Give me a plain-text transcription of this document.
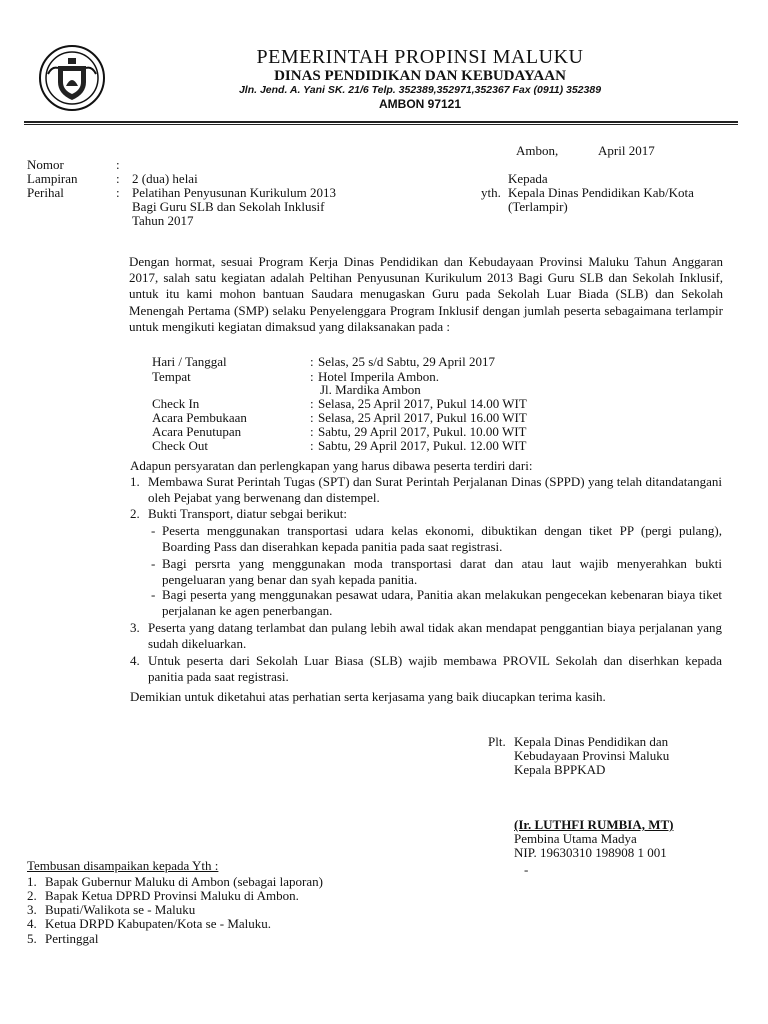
PEMERINTAH PROPINSI MALUKU
DINAS PENDIDIKAN DAN KEBUDAYAAN
Jln. Jend. A. Yani SK. 21/6 Telp. 352389,352971,352367 Fax (0911) 352389
AMBON 97121
Ambon,	April 2017
Nomor	:
Lampiran	: 2 (dua) helai
Perihal	: Pelatihan Penyusunan Kurikulum 2013
Bagi Guru SLB dan Sekolah Inklusif
Tahun 2017
Kepada
yth. Kepala Dinas Pendidikan Kab/Kota
(Terlampir)
Dengan hormat, sesuai Program Kerja Dinas Pendidikan dan Kebudayaan Provinsi Maluku Tahun Anggaran 2017, salah satu kegiatan adalah Peltihan Penyusunan Kurikulum 2013 Bagi Guru SLB dan Sekolah Inklusif, untuk itu kami mohon bantuan Saudara menugaskan Guru pada Sekolah Luar Biada (SLB) dan Sekolah Menengah Pertama (SMP) selaku Penyelenggara Program Inklusif dengan jumlah peserta sebagaimana terlampir untuk mengikuti kegiatan dimaksud yang dilaksanakan pada :
Hari / Tanggal	: Selas, 25 s/d Sabtu, 29 April 2017
Tempat	: Hotel Imperila Ambon.
Jl. Mardika Ambon
Check In	: Selasa, 25 April 2017, Pukul 14.00 WIT
Acara Pembukaan	: Selasa, 25 April 2017, Pukul 16.00 WIT
Acara Penutupan	: Sabtu, 29 April 2017, Pukul. 10.00 WIT
Check Out	: Sabtu, 29 April 2017, Pukul. 12.00 WIT
Adapun persyaratan dan perlengkapan yang harus dibawa peserta terdiri dari:
1. Membawa Surat Perintah Tugas (SPT) dan Surat Perintah Perjalanan Dinas (SPPD) yang telah ditandatangani oleh Pejabat yang berwenang dan distempel.
2. Bukti Transport, diatur sebgai berikut:
- Peserta menggunakan transportasi udara kelas ekonomi, dibuktikan dengan tiket PP (pergi pulang), Boarding Pass dan diserahkan kepada panitia pada saat registrasi.
- Bagi persrta yang menggunakan moda transportasi darat dan atau laut wajib menyerahkan bukti pengeluaran yang benar dan syah kepada panitia.
- Bagi peserta yang menggunakan pesawat udara, Panitia akan melakukan pengecekan kebenaran biaya tiket perjalanan ke agen penerbangan.
3. Peserta yang datang terlambat dan pulang lebih awal tidak akan mendapat penggantian biaya perjalanan yang sudah dikeluarkan.
4. Untuk peserta dari Sekolah Luar Biasa (SLB) wajib membawa PROVIL Sekolah dan diserhkan kepada panitia pada saat registrasi.
Demikian untuk diketahui atas perhatian serta kerjasama yang baik diucapkan terima kasih.
Plt. Kepala Dinas Pendidikan dan
Kebudayaan Provinsi Maluku
Kepala BPPKAD
(Ir. LUTHFI RUMBIA, MT)
Pembina Utama Madya
NIP. 19630310 198908 1 001
-
Tembusan disampaikan kepada Yth :
1. Bapak Gubernur Maluku di Ambon (sebagai laporan)
2. Bapak Ketua DPRD Provinsi Maluku di Ambon.
3. Bupati/Walikota se - Maluku
4. Ketua DRPD Kabupaten/Kota se - Maluku.
5. Pertinggal
